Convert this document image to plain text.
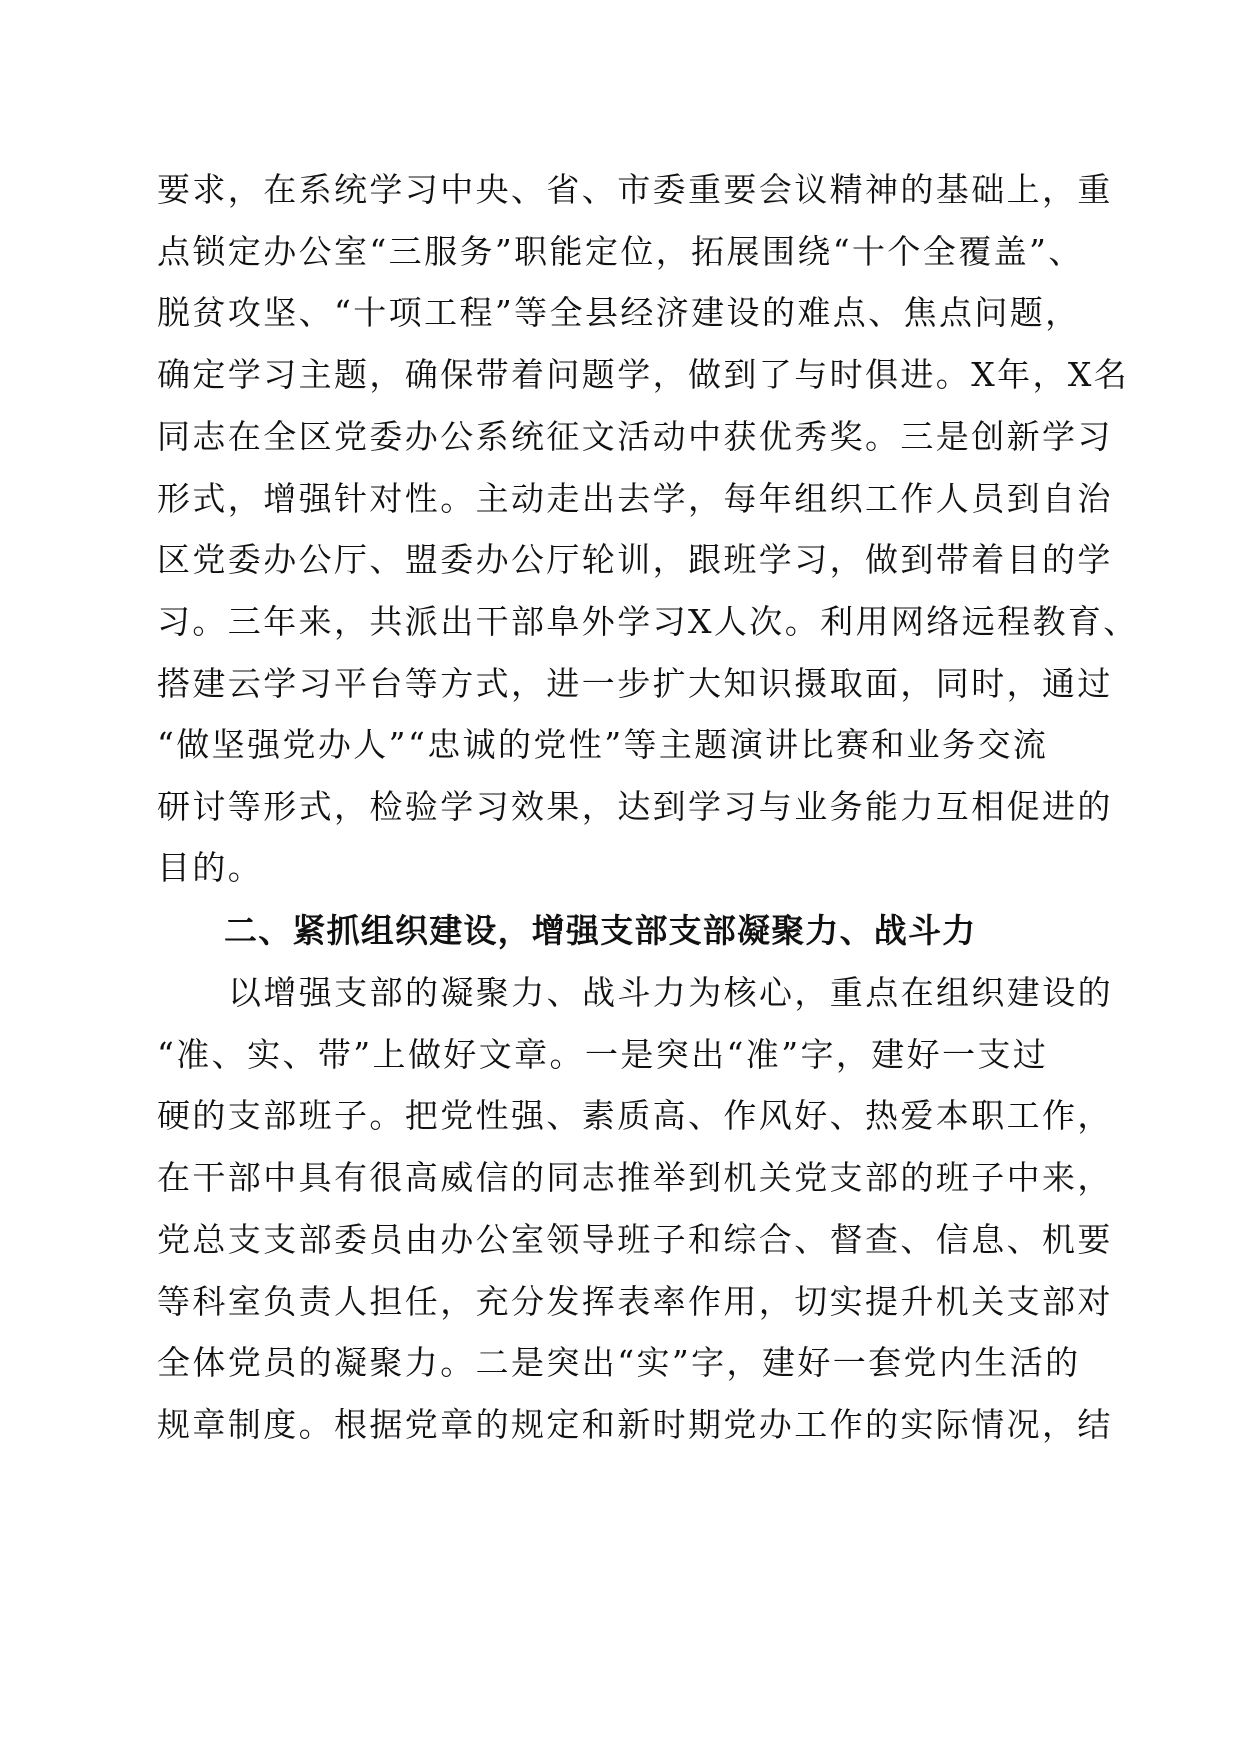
要求，在系统学习中央、省、市委重要会议精神的基础上，重
点锁定办公室“三服务”职能定位，拓展围绕“十个全覆盖”、
脱贫攻坚、“十项工程”等全县经济建设的难点、焦点问题，
确定学习主题，确保带着问题学，做到了与时俱进。X年，X名
同志在全区党委办公系统征文活动中获优秀奖。三是创新学习
形式，增强针对性。主动走出去学，每年组织工作人员到自治
区党委办公厅、盟委办公厅轮训，跟班学习，做到带着目的学
习。三年来，共派出干部阜外学习X人次。利用网络远程教育、
搭建云学习平台等方式，进一步扩大知识摄取面，同时，通过
“做坚强党办人”“忠诚的党性”等主题演讲比赛和业务交流
研讨等形式，检验学习效果，达到学习与业务能力互相促进的
目的。
二、紧抓组织建设，增强支部支部凝聚力、战斗力
以增强支部的凝聚力、战斗力为核心，重点在组织建设的
“准、实、带”上做好文章。一是突出“准”字，建好一支过
硬的支部班子。把党性强、素质高、作风好、热爱本职工作，
在干部中具有很高威信的同志推举到机关党支部的班子中来，
党总支支部委员由办公室领导班子和综合、督查、信息、机要
等科室负责人担任，充分发挥表率作用，切实提升机关支部对
全体党员的凝聚力。二是突出“实”字，建好一套党内生活的
规章制度。根据党章的规定和新时期党办工作的实际情况，结
